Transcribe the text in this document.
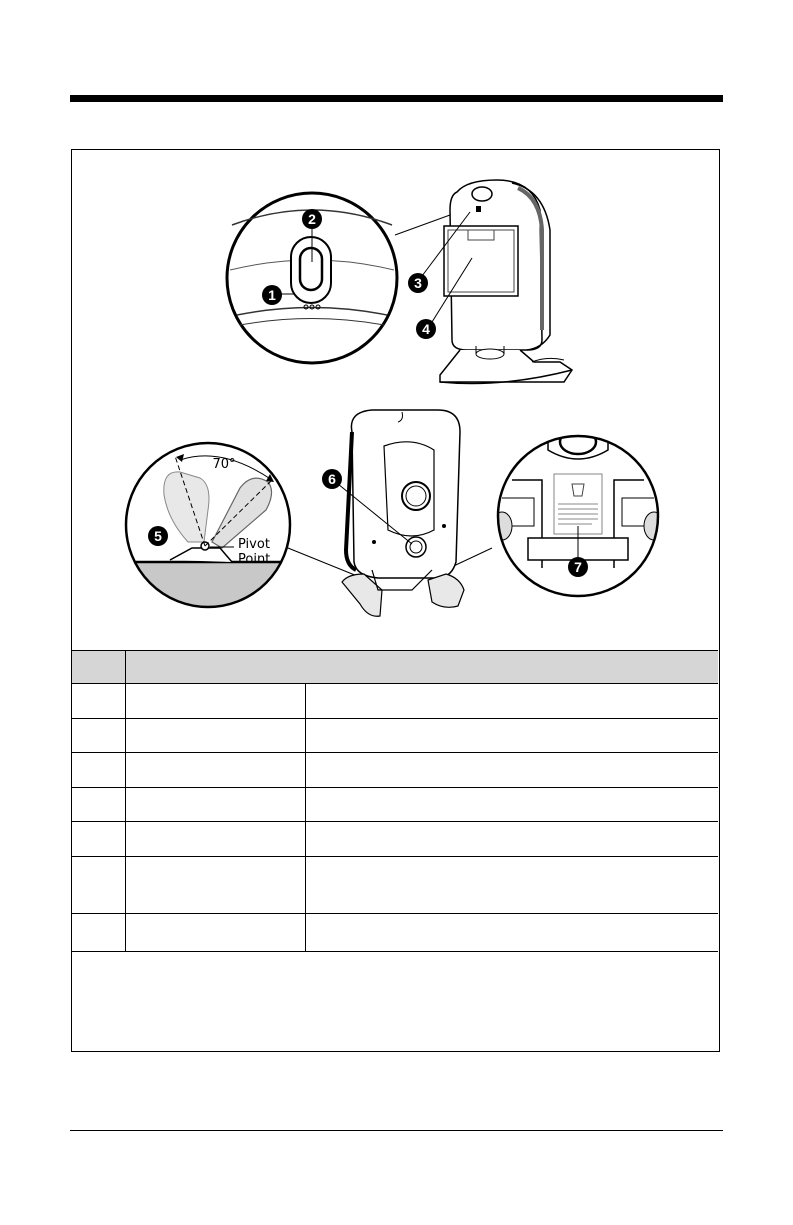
2
1
3
4
70°
Pivot
Point
5
6
7
